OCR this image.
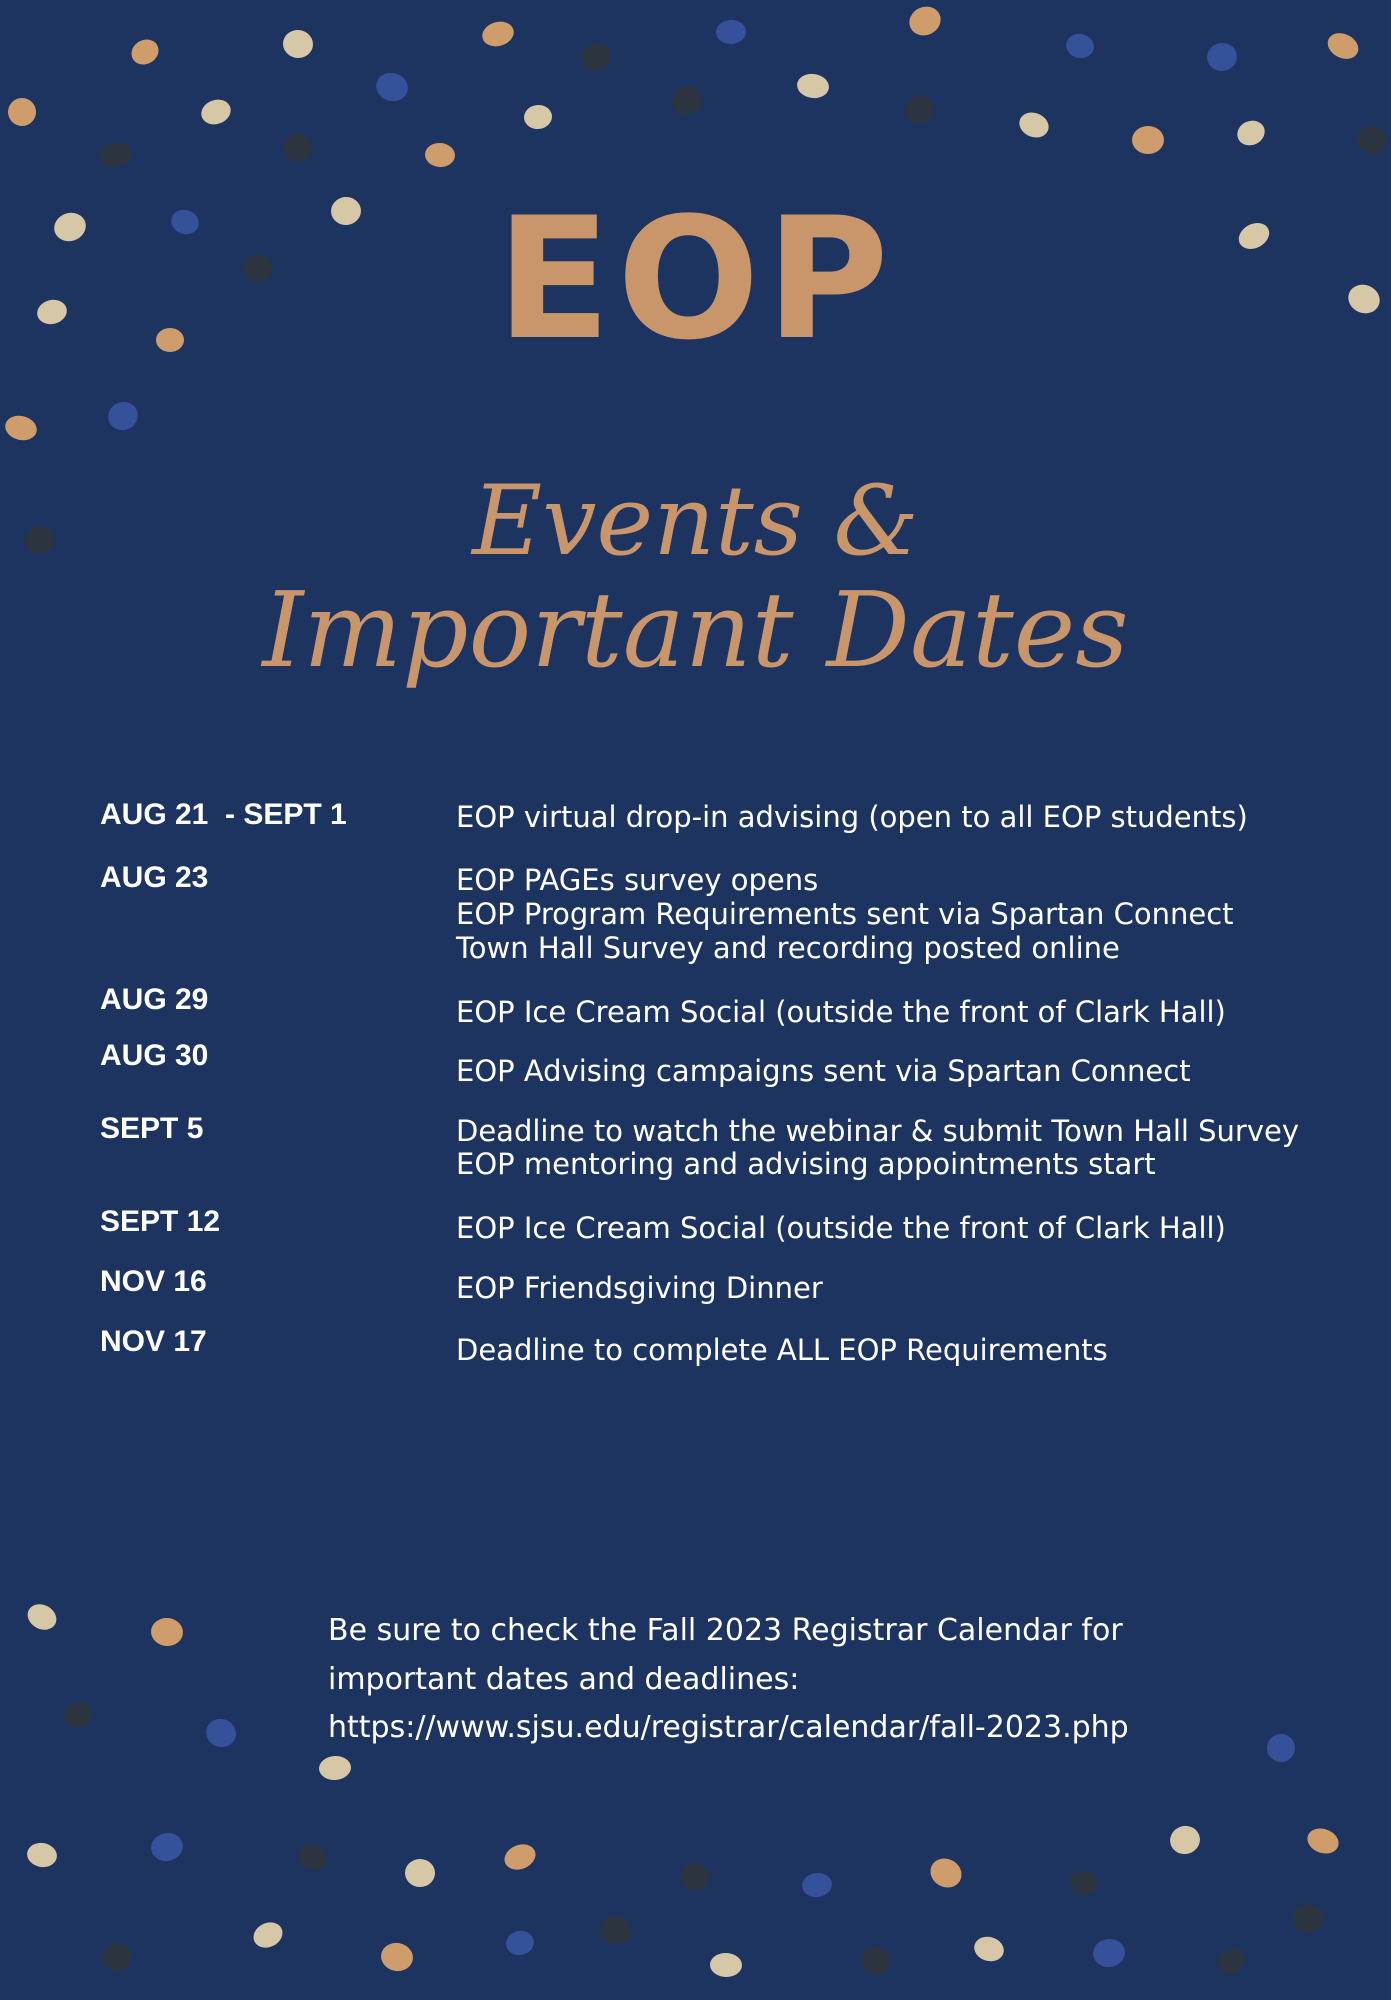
EOP
Events &
Important Dates
AUG 21  - SEPT 1	EOP virtual drop-in advising (open to all EOP students)
AUG 23	EOP PAGEs survey opens
EOP Program Requirements sent via Spartan Connect
Town Hall Survey and recording posted online
AUG 29	EOP Ice Cream Social (outside the front of Clark Hall)
AUG 30	EOP Advising campaigns sent via Spartan Connect
SEPT 5	Deadline to watch the webinar & submit Town Hall Survey
EOP mentoring and advising appointments start
SEPT 12	EOP Ice Cream Social (outside the front of Clark Hall)
NOV 16	EOP Friendsgiving Dinner
NOV 17	Deadline to complete ALL EOP Requirements
Be sure to check the Fall 2023 Registrar Calendar for
important dates and deadlines:
https://www.sjsu.edu/registrar/calendar/fall-2023.php
